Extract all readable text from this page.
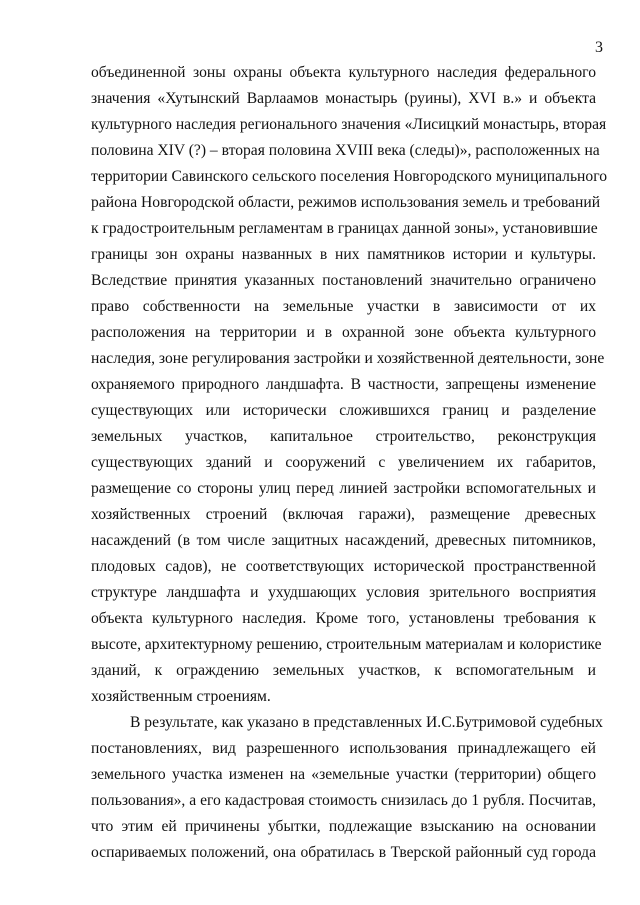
3
объединенной зоны охраны объекта культурного наследия федерального
значения «Хутынский Варлаамов монастырь (руины), XVI в.» и объекта
культурного наследия регионального значения «Лисицкий монастырь, вторая
половина XIV (?) – вторая половина XVIII века (следы)», расположенных на
территории Савинского сельского поселения Новгородского муниципального
района Новгородской области, режимов использования земель и требований
к градостроительным регламентам в границах данной зоны», установившие
границы зон охраны названных в них памятников истории и культуры.
Вследствие принятия указанных постановлений значительно ограничено
право собственности на земельные участки в зависимости от их
расположения на территории и в охранной зоне объекта культурного
наследия, зоне регулирования застройки и хозяйственной деятельности, зоне
охраняемого природного ландшафта. В частности, запрещены изменение
существующих или исторически сложившихся границ и разделение
земельных участков, капитальное строительство, реконструкция
существующих зданий и сооружений с увеличением их габаритов,
размещение со стороны улиц перед линией застройки вспомогательных и
хозяйственных строений (включая гаражи), размещение древесных
насаждений (в том числе защитных насаждений, древесных питомников,
плодовых садов), не соответствующих исторической пространственной
структуре ландшафта и ухудшающих условия зрительного восприятия
объекта культурного наследия. Кроме того, установлены требования к
высоте, архитектурному решению, строительным материалам и колористике
зданий, к ограждению земельных участков, к вспомогательным и
хозяйственным строениям.
В результате, как указано в представленных И.С.Бутримовой судебных
постановлениях, вид разрешенного использования принадлежащего ей
земельного участка изменен на «земельные участки (территории) общего
пользования», а его кадастровая стоимость снизилась до 1 рубля. Посчитав,
что этим ей причинены убытки, подлежащие взысканию на основании
оспариваемых положений, она обратилась в Тверской районный суд города
